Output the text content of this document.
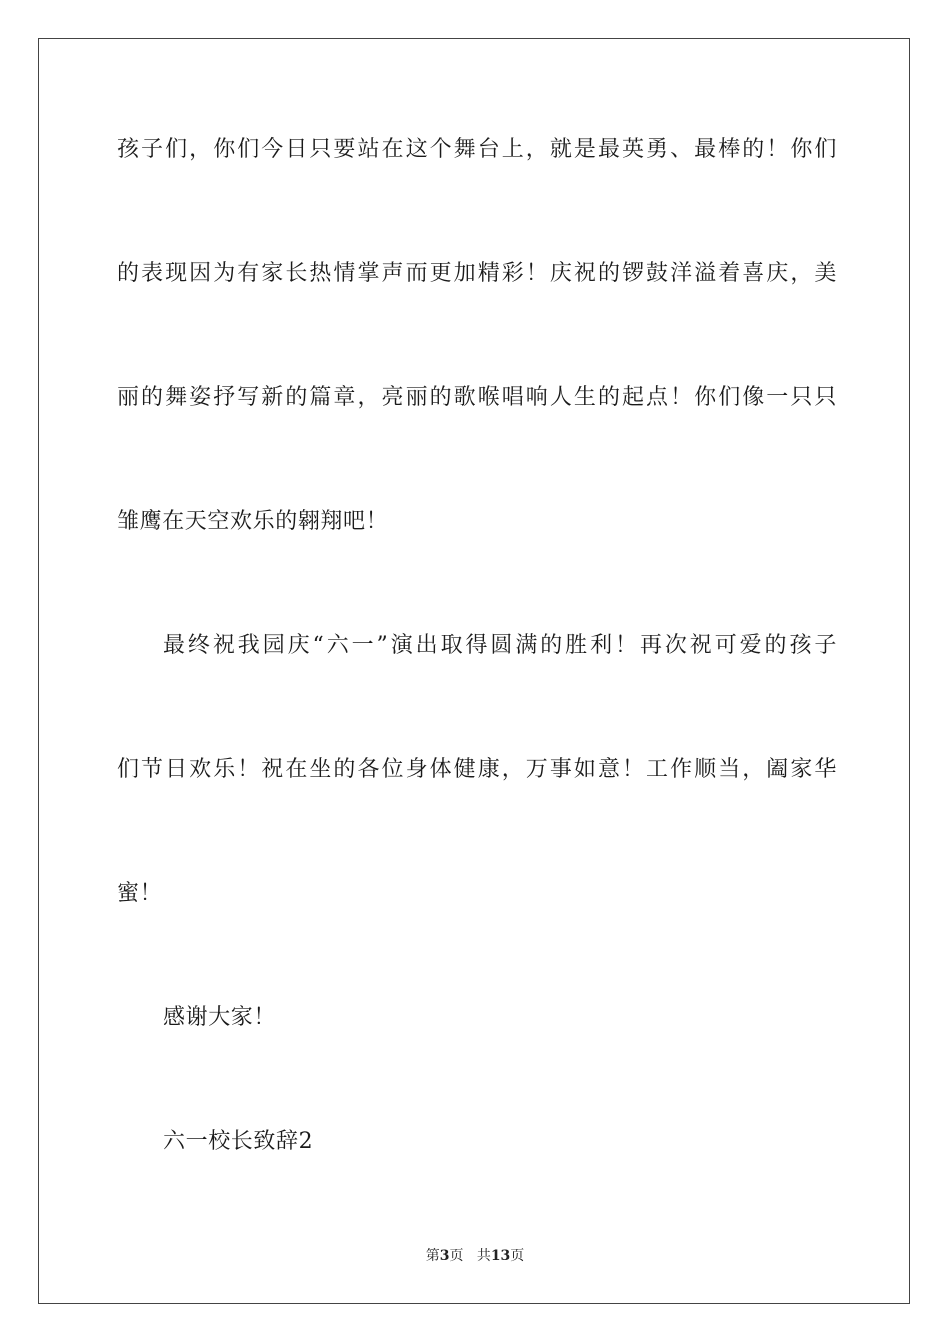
孩子们，你们今日只要站在这个舞台上，就是最英勇、最棒的！你们
的表现因为有家长热情掌声而更加精彩！庆祝的锣鼓洋溢着喜庆，美
丽的舞姿抒写新的篇章，亮丽的歌喉唱响人生的起点！你们像一只只
雏鹰在天空欢乐的翱翔吧！
最终祝我园庆“六一”演出取得圆满的胜利！再次祝可爱的孩子
们节日欢乐！祝在坐的各位身体健康，万事如意！工作顺当，阖家华
蜜！
感谢大家！
六一校长致辞2
第3页 共13页
